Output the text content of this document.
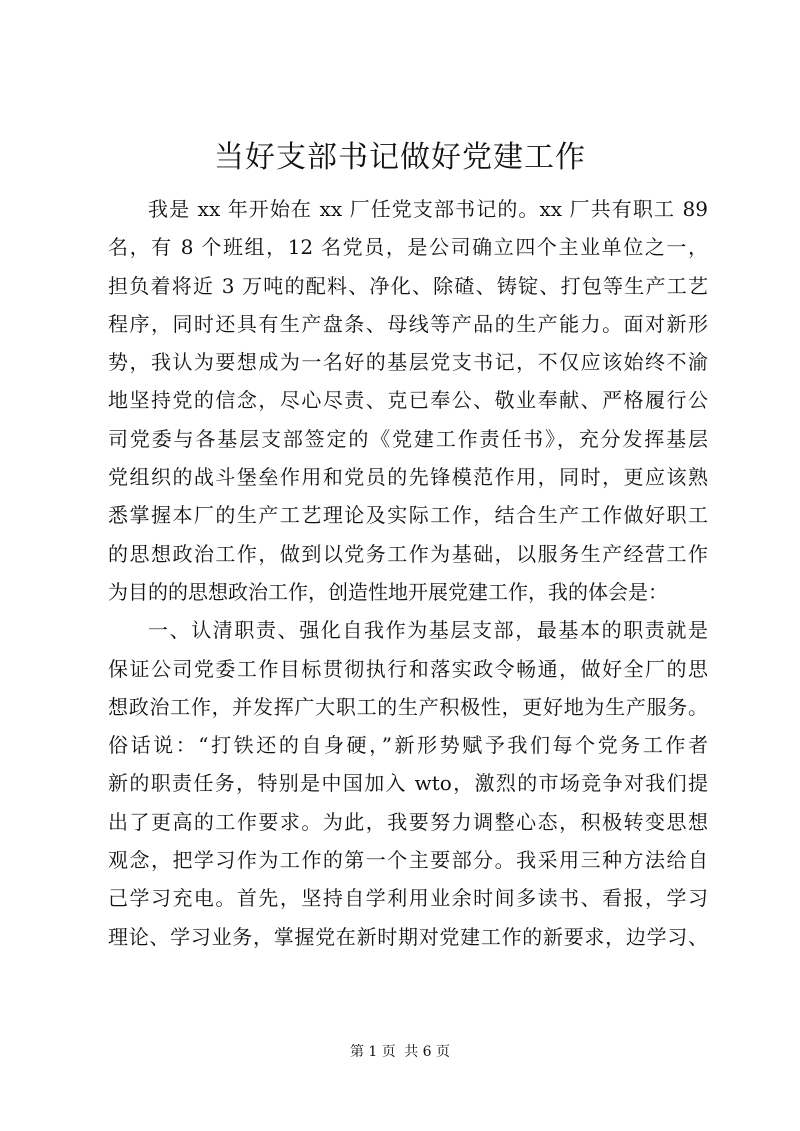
当好支部书记做好党建工作
我是 xx 年开始在 xx 厂任党支部书记的。xx 厂共有职工 89
名，有 8 个班组，12 名党员，是公司确立四个主业单位之一，
担负着将近 3 万吨的配料、净化、除碴、铸锭、打包等生产工艺
程序，同时还具有生产盘条、母线等产品的生产能力。面对新形
势，我认为要想成为一名好的基层党支书记，不仅应该始终不渝
地坚持党的信念，尽心尽责、克已奉公、敬业奉献、严格履行公
司党委与各基层支部签定的《党建工作责任书》，充分发挥基层
党组织的战斗堡垒作用和党员的先锋模范作用，同时，更应该熟
悉掌握本厂的生产工艺理论及实际工作，结合生产工作做好职工
的思想政治工作，做到以党务工作为基础，以服务生产经营工作
为目的的思想政治工作，创造性地开展党建工作，我的体会是：
一、认清职责、强化自我作为基层支部，最基本的职责就是
保证公司党委工作目标贯彻执行和落实政令畅通，做好全厂的思
想政治工作，并发挥广大职工的生产积极性，更好地为生产服务。
俗话说：“打铁还的自身硬，”新形势赋予我们每个党务工作者
新的职责任务，特别是中国加入 wto，激烈的市场竞争对我们提
出了更高的工作要求。为此，我要努力调整心态，积极转变思想
观念，把学习作为工作的第一个主要部分。我采用三种方法给自
己学习充电。首先，坚持自学利用业余时间多读书、看报，学习
理论、学习业务，掌握党在新时期对党建工作的新要求，边学习、
第 1 页 共 6 页
